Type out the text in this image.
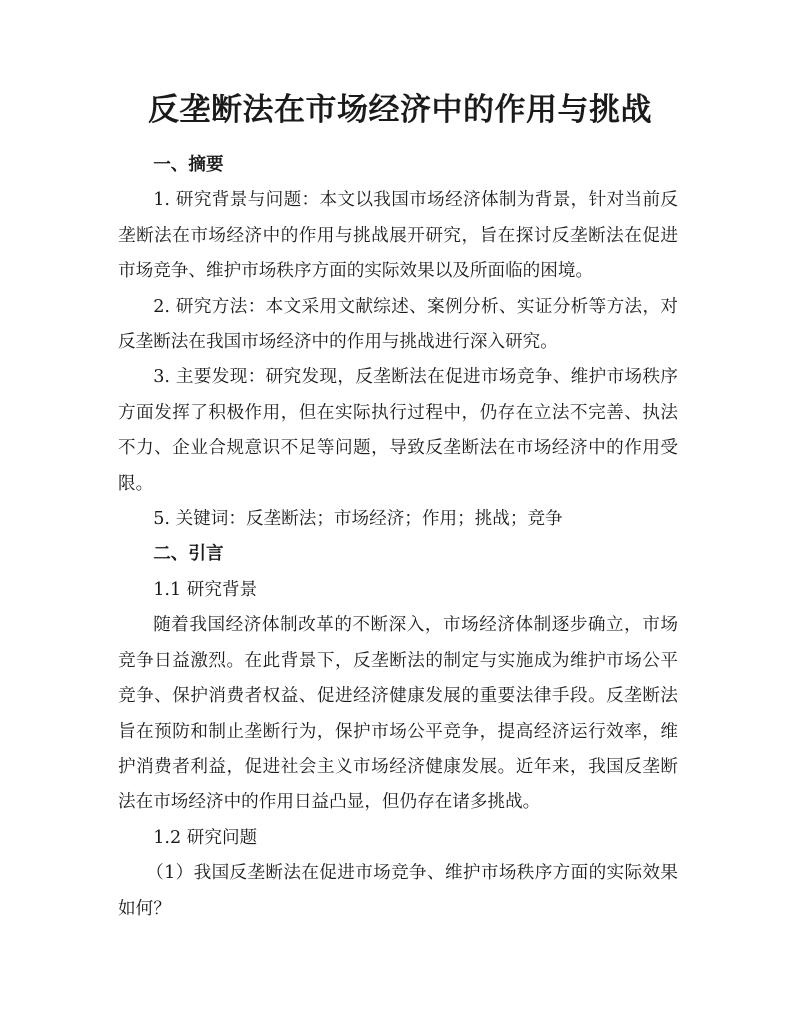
反垄断法在市场经济中的作用与挑战

一、摘要

1. 研究背景与问题：本文以我国市场经济体制为背景，针对当前反垄断法在市场经济中的作用与挑战展开研究，旨在探讨反垄断法在促进市场竞争、维护市场秩序方面的实际效果以及所面临的困境。

2. 研究方法：本文采用文献综述、案例分析、实证分析等方法，对反垄断法在我国市场经济中的作用与挑战进行深入研究。

3. 主要发现：研究发现，反垄断法在促进市场竞争、维护市场秩序方面发挥了积极作用，但在实际执行过程中，仍存在立法不完善、执法不力、企业合规意识不足等问题，导致反垄断法在市场经济中的作用受限。

5. 关键词：反垄断法；市场经济；作用；挑战；竞争

二、引言

1.1 研究背景

随着我国经济体制改革的不断深入，市场经济体制逐步确立，市场竞争日益激烈。在此背景下，反垄断法的制定与实施成为维护市场公平竞争、保护消费者权益、促进经济健康发展的重要法律手段。反垄断法旨在预防和制止垄断行为，保护市场公平竞争，提高经济运行效率，维护消费者利益，促进社会主义市场经济健康发展。近年来，我国反垄断法在市场经济中的作用日益凸显，但仍存在诸多挑战。

1.2 研究问题

（1）我国反垄断法在促进市场竞争、维护市场秩序方面的实际效果如何？
